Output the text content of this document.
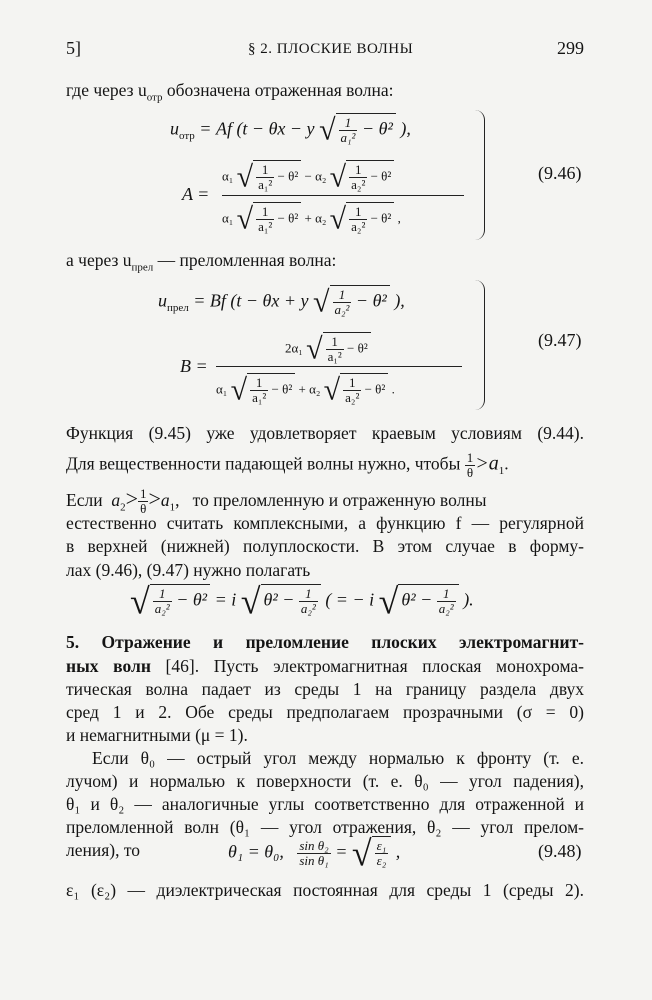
5]	§ 2. ПЛОСКИЕ ВОЛНЫ	299
где через $u_{отр}$ обозначена отраженная волна:
$u_{отр} = Af$ (t − θx − y √ $\frac{1}{\text{a₁²}} - \theta^2$ ),
A =
α₁ √ $\frac{1}{\text{a₁²}} - \theta^2 - \alpha_2$ √ $\frac{1}{\text{a₂²}} - \theta^2$
α₁ √ $\frac{1}{\text{a₁²}} - \theta^2 + \alpha_2$ √ $\frac{1}{\text{a₂²}} - \theta^2$ ,
(9.46)
а через $u_{прел}$ — преломленная волна:
$u_{прел} = Bf$ (t − θx + y √ $\frac{1}{\text{a₂²}} - \theta^2$ ),
2α₁ √ $\frac{1}{\text{a₁²}} - \theta^2$
B =
α₁ √ $\frac{1}{\text{a₁²}} - \theta^2 + \alpha_2$ √ $\frac{1}{\text{a₂²}} - \theta^2$ .
(9.47)
Функция (9.45) уже удовлетворяет краевым условиям (9.44).
Для вещественности падающей волны нужно, чтобы $\frac{1}{\theta} >a_1$.
Если $a_2> \frac{1}{\theta} >a_1$,   то преломленную и отраженную волны
естественно считать комплексными, а функцию f — регулярной
в верхней (нижней) полуплоскости. В этом случае в форму-
лах (9.46), (9.47) нужно полагать
√ $\frac{1}{\text{a₂²}} - \theta^2 = i$ √ $\theta^2 - \frac{1}{\text{a₂²}}$ ( = − i √ $\theta^2 - \frac{1}{\text{a₂²}}$ ).
5. Отражение и преломление плоских электромагнит-
ных волн [46]. Пусть электромагнитная плоская монохрома-
тическая волна падает из среды 1 на границу раздела двух
сред 1 и 2. Обе среды предполагаем прозрачными (σ = 0)
и немагнитными (μ = 1).
Если θ₀ — острый угол между нормалью к фронту (т. е.
лучом) и нормалью к поверхности (т. е. θ₀ — угол падения),
θ₁ и θ₂ — аналогичные углы соответственно для отраженной и
преломленной волн (θ₁ — угол отражения, θ₂ — угол прелом-
ления), то	θ₁ = θ₀, $\frac{\text{sin θ₂}}{\text{sin θ₁}}$ = √ $\frac{\text{ε₁}}{\text{ε₂}}$ ,	(9.48)
ε₁ (ε₂) — диэлектрическая постоянная для среды 1 (среды 2).
